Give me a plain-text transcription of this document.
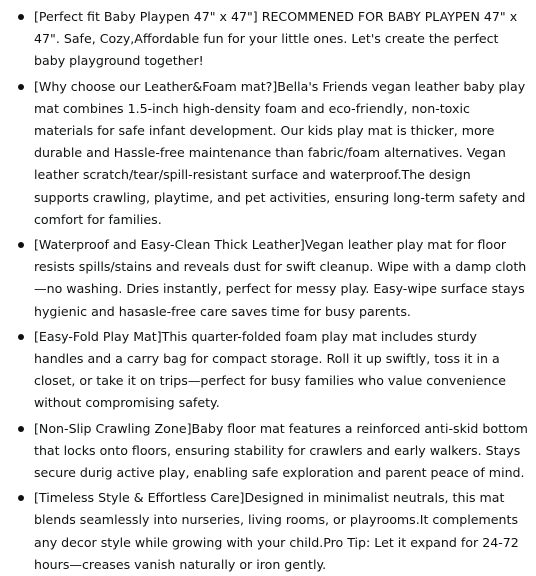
[Perfect fit Baby Playpen 47" x 47"] RECOMMENED FOR BABY PLAYPEN 47" x 47". Safe, Cozy,Affordable fun for your little ones. Let's create the perfect baby playground together!
[Why choose our Leather&Foam mat?]Bella's Friends vegan leather baby play mat combines 1.5-inch high-density foam and eco-friendly, non-toxic materials for safe infant development. Our kids play mat is thicker, more durable and Hassle-free maintenance than fabric/foam alternatives. Vegan leather scratch/tear/spill-resistant surface and waterproof.The design supports crawling, playtime, and pet activities, ensuring long-term safety and comfort for families.
[Waterproof and Easy-Clean Thick Leather]Vegan leather play mat for floor resists spills/stains and reveals dust for swift cleanup. Wipe with a damp cloth—no washing. Dries instantly, perfect for messy play. Easy-wipe surface stays hygienic and hasasle-free care saves time for busy parents.
[Easy-Fold Play Mat]This quarter-folded foam play mat includes sturdy handles and a carry bag for compact storage. Roll it up swiftly, toss it in a closet, or take it on trips—perfect for busy families who value convenience without compromising safety.
[Non-Slip Crawling Zone]Baby floor mat features a reinforced anti-skid bottom that locks onto floors, ensuring stability for crawlers and early walkers. Stays secure durig active play, enabling safe exploration and parent peace of mind.
[Timeless Style & Effortless Care]Designed in minimalist neutrals, this mat blends seamlessly into nurseries, living rooms, or playrooms.It complements any decor style while growing with your child.Pro Tip: Let it expand for 24-72 hours—creases vanish naturally or iron gently.
